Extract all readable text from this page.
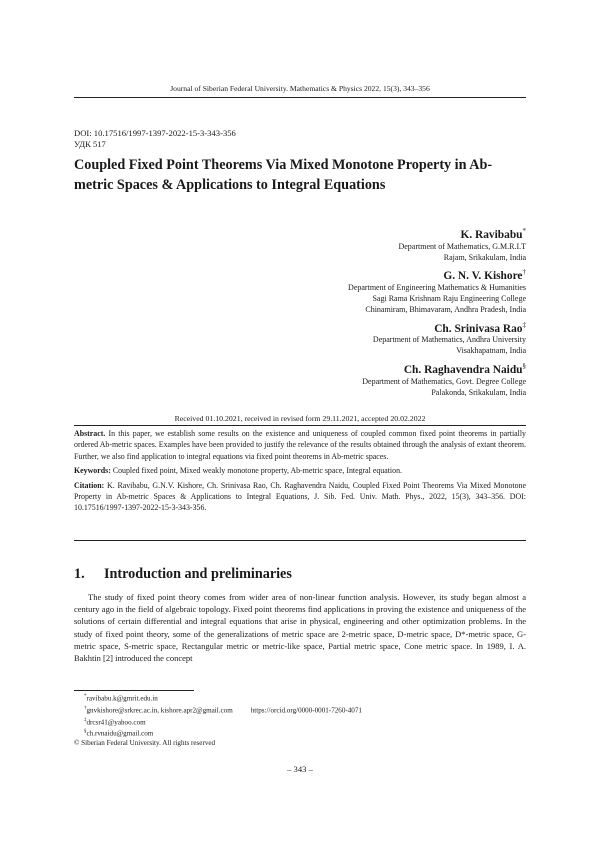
Journal of Siberian Federal University. Mathematics & Physics 2022, 15(3), 343–356
DOI: 10.17516/1997-1397-2022-15-3-343-356
УДК 517
Coupled Fixed Point Theorems Via Mixed Monotone Property in Ab-metric Spaces & Applications to Integral Equations
K. Ravibabu*
Department of Mathematics, G.M.R.I.T
Rajam, Srikakulam, India
G. N. V. Kishore†
Department of Engineering Mathematics & Humanities
Sagi Rama Krishnam Raju Engineering College
Chinamiram, Bhimavaram, Andhra Pradesh, India
Ch. Srinivasa Rao‡
Department of Mathematics, Andhra University
Visakhapatnam, India
Ch. Raghavendra Naidu§
Department of Mathematics, Govt. Degree College
Palakonda, Srikakulam, India
Received 01.10.2021, received in revised form 29.11.2021, accepted 20.02.2022

Abstract. In this paper, we establish some results on the existence and uniqueness of coupled common fixed point theorems in partially ordered Ab-metric spaces. Examples have been provided to justify the relevance of the results obtained through the analysis of extant theorem. Further, we also find application to integral equations via fixed point theorems in Ab-metric spaces.

Keywords: Coupled fixed point, Mixed weakly monotone property, Ab-metric space, Integral equation.

Citation: K. Ravibabu, G.N.V. Kishore, Ch. Srinivasa Rao, Ch. Raghavendra Naidu, Coupled Fixed Point Theorems Via Mixed Monotone Property in Ab-metric Spaces & Applications to Integral Equations, J. Sib. Fed. Univ. Math. Phys., 2022, 15(3), 343–356. DOI: 10.17516/1997-1397-2022-15-3-343-356.

1. Introduction and preliminaries

The study of fixed point theory comes from wider area of non-linear function analysis. However, its study began almost a century ago in the field of algebraic topology. Fixed point theorems find applications in proving the existence and uniqueness of the solutions of certain differential and integral equations that arise in physical, engineering and other optimization problems. In the study of fixed point theory, some of the generalizations of metric space are 2-metric space, D-metric space, D*-metric space, G-metric space, S-metric space, Rectangular metric or metric-like space, Partial metric space, Cone metric space. In 1989, I. A. Bakhtin [2] introduced the concept

*ravibabu.k@gmrit.edu.in
†gnvkishore@srkrec.ac.in, kishore.apr2@gmail.com	https://orcid.org/0000-0001-7260-4071
‡drcsr41@yahoo.com
§ch.rvnaidu@gmail.com
© Siberian Federal University. All rights reserved
– 343 –
